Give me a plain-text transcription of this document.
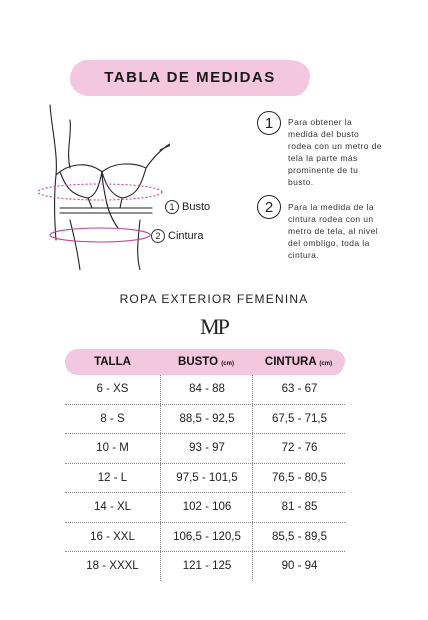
TABLA DE MEDIDAS
1 Busto
2 Cintura
1	Para obtener la medida del busto rodea con un metro de tela la parte más prominente de tu busto.
2	Para la medida de la cintura rodea con un metro de tela, al nivel del ombligo, toda la cintura.
ROPA EXTERIOR FEMENINA
MP
TALLA	BUSTO (cm)	CINTURA (cm)
6 - XS	84 - 88	63 - 67
8 - S	88,5 - 92,5	67,5 - 71,5
10 - M	93 - 97	72 - 76
12 - L	97,5 - 101,5	76,5 - 80,5
14 - XL	102 - 106	81 - 85
16 - XXL	106,5 - 120,5	85,5 - 89,5
18 - XXXL	121 - 125	90 - 94
